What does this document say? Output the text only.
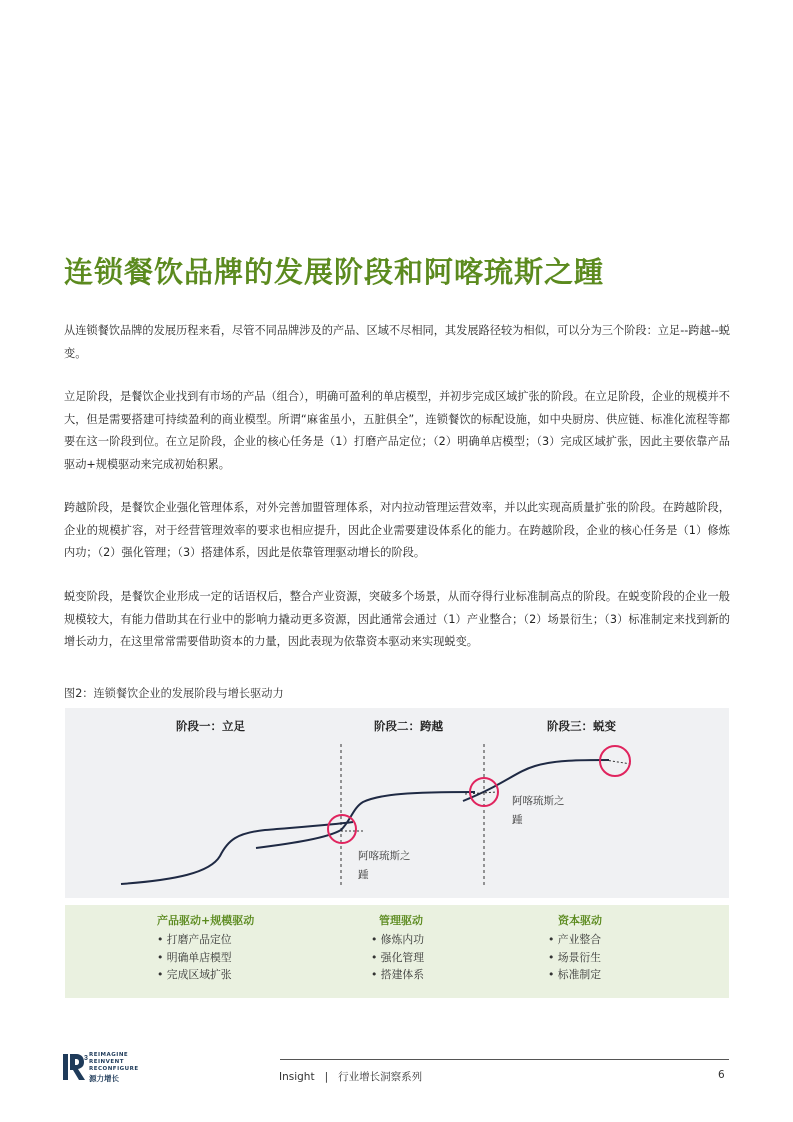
连锁餐饮品牌的发展阶段和阿喀琉斯之踵

从连锁餐饮品牌的发展历程来看，尽管不同品牌涉及的产品、区域不尽相同，其发展路径较为相似，可以分为三个阶段：立足--跨越--蜕变。

立足阶段，是餐饮企业找到有市场的产品（组合），明确可盈利的单店模型，并初步完成区域扩张的阶段。在立足阶段，企业的规模并不大，但是需要搭建可持续盈利的商业模型。所谓“麻雀虽小，五脏俱全”，连锁餐饮的标配设施，如中央厨房、供应链、标准化流程等都要在这一阶段到位。在立足阶段，企业的核心任务是（1）打磨产品定位；（2）明确单店模型；（3）完成区域扩张，因此主要依靠产品驱动+规模驱动来完成初始积累。

跨越阶段，是餐饮企业强化管理体系，对外完善加盟管理体系，对内拉动管理运营效率，并以此实现高质量扩张的阶段。在跨越阶段，企业的规模扩容，对于经营管理效率的要求也相应提升，因此企业需要建设体系化的能力。在跨越阶段，企业的核心任务是（1）修炼内功；（2）强化管理；（3）搭建体系，因此是依靠管理驱动增长的阶段。

蜕变阶段，是餐饮企业形成一定的话语权后，整合产业资源，突破多个场景，从而夺得行业标准制高点的阶段。在蜕变阶段的企业一般规模较大，有能力借助其在行业中的影响力撬动更多资源，因此通常会通过（1）产业整合；（2）场景衍生；（3）标准制定来找到新的增长动力，在这里常常需要借助资本的力量，因此表现为依靠资本驱动来实现蜕变。

图2：连锁餐饮企业的发展阶段与增长驱动力
阶段一：立足	阶段二：跨越	阶段三：蜕变
阿喀琉斯之踵
阿喀琉斯之踵
产品驱动+规模驱动
• 打磨产品定位
• 明确单店模型
• 完成区域扩张
管理驱动
• 修炼内功
• 强化管理
• 搭建体系
资本驱动
• 产业整合
• 场景衍生
• 标准制定
3 REIMAGINE
REINVENT
RECONFIGURE
源力增长	Insight   |   行业增长洞察系列	6
